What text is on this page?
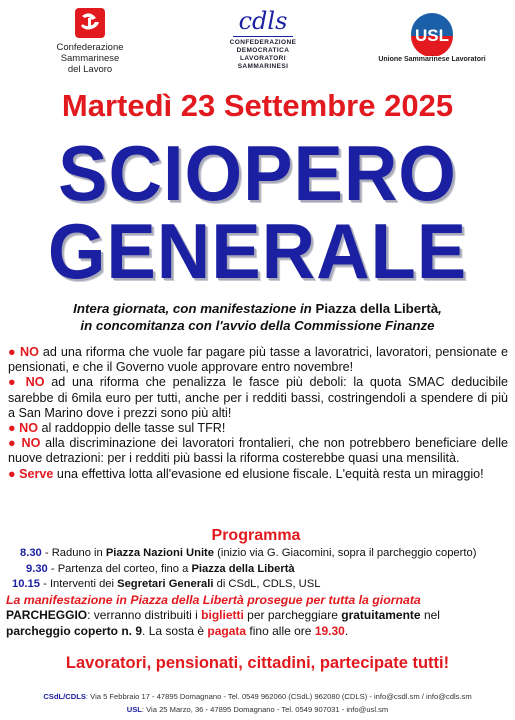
Confederazione
Sammarinese
del Lavoro
cdls
CONFEDERAZIONE
DEMOCRATICA
LAVORATORI
SAMMARINESI
USL
Unione Sammarinese Lavoratori
Martedì 23 Settembre 2025
SCIOPERO
GENERALE
Intera giornata, con manifestazione in Piazza della Libertà,
in concomitanza con l'avvio della Commissione Finanze

● NO ad una riforma che vuole far pagare più tasse a lavoratrici, lavoratori, pensionate e pensionati, e che il Governo vuole approvare entro novembre!

● NO ad una riforma che penalizza le fasce più deboli: la quota SMAC deducibile sarebbe di 6mila euro per tutti, anche per i redditi bassi, costringendoli a spendere di più a San Marino dove i prezzi sono più alti!

● NO al raddoppio delle tasse sul TFR!

● NO alla discriminazione dei lavoratori frontalieri, che non potrebbero beneficiare delle nuove detrazioni: per i redditi più bassi la riforma costerebbe quasi una mensilità.

● Serve una effettiva lotta all'evasione ed elusione fiscale. L'equità resta un miraggio!

Programma
8.30 - Raduno in Piazza Nazioni Unite (inizio via G. Giacomini, sopra il parcheggio coperto)
9.30 - Partenza del corteo, fino a Piazza della Libertà
10.15 - Interventi dei Segretari Generali di CSdL, CDLS, USL
La manifestazione in Piazza della Libertà prosegue per tutta la giornata
PARCHEGGIO: verranno distribuiti i biglietti per parcheggiare gratuitamente nel
parcheggio coperto n. 9. La sosta è pagata fino alle ore 19.30.
Lavoratori, pensionati, cittadini, partecipate tutti!
CSdL/CDLS: Via 5 Febbraio 17 - 47895 Domagnano - Tel. 0549 962060 (CSdL) 962080 (CDLS) - info@csdl.sm / info@cdls.sm
USL: Via 25 Marzo, 36 - 47895 Domagnano - Tel. 0549 907031 - info@usl.sm
